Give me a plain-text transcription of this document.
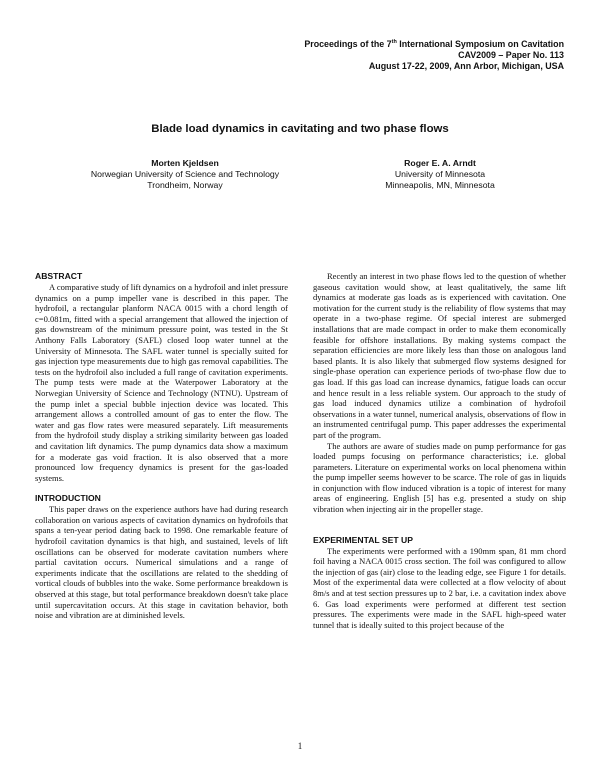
Proceedings of the 7th International Symposium on Cavitation
CAV2009 – Paper No. 113
August 17-22, 2009, Ann Arbor, Michigan, USA
Blade load dynamics in cavitating and two phase flows
Morten Kjeldsen
Norwegian University of Science and Technology
Trondheim, Norway
Roger E. A. Arndt
University of Minnesota
Minneapolis, MN, Minnesota
ABSTRACT

A comparative study of lift dynamics on a hydrofoil and inlet pressure dynamics on a pump impeller vane is described in this paper. The hydrofoil, a rectangular planform NACA 0015 with a chord length of c=0.081m, fitted with a special arrangement that allowed the injection of gas downstream of the minimum pressure point, was tested in the St Anthony Falls Laboratory (SAFL) closed loop water tunnel at the University of Minnesota. The SAFL water tunnel is specially suited for gas injection type measurements due to high gas removal capabilities. The tests on the hydrofoil also included a full range of cavitation experiments. The pump tests were made at the Waterpower Laboratory at the Norwegian University of Science and Technology (NTNU). Upstream of the pump inlet a special bubble injection device was located. This arrangement allows a controlled amount of gas to enter the flow. The water and gas flow rates were measured separately. Lift measurements from the hydrofoil study display a striking similarity between gas loaded and cavitation lift dynamics. The pump dynamics data show a maximum for a moderate gas void fraction. It is also observed that a more pronounced low frequency dynamics is present for the gas-loaded systems.

INTRODUCTION

This paper draws on the experience authors have had during research collaboration on various aspects of cavitation dynamics on hydrofoils that spans a ten-year period dating back to 1998. One remarkable feature of hydrofoil cavitation dynamics is that high, and sustained, levels of lift oscillations can be observed for moderate cavitation numbers where partial cavitation occurs. Numerical simulations and a range of experiments indicate that the oscillations are related to the shedding of vortical clouds of bubbles into the wake. Some performance breakdown is observed at this stage, but total performance breakdown doesn't take place until supercavitation occurs. At this stage in cavitation behavior, both noise and vibration are at diminished levels.

Recently an interest in two phase flows led to the question of whether gaseous cavitation would show, at least qualitatively, the same lift dynamics at moderate gas loads as is experienced with cavitation. One motivation for the current study is the reliability of flow systems that may operate in a two-phase regime. Of special interest are submerged installations that are made compact in order to make them economically feasible for offshore installations. By making systems compact the separation efficiencies are more likely less than those on analogous land based plants. It is also likely that submerged flow systems designed for single-phase operation can experience periods of two-phase flow due to gas load. If this gas load can increase dynamics, fatigue loads can occur and hence result in a less reliable system. Our approach to the study of gas load induced dynamics utilize a combination of hydrofoil observations in a water tunnel, numerical analysis, observations of flow in an instrumented centrifugal pump. This paper addresses the experimental part of the program.

The authors are aware of studies made on pump performance for gas loaded pumps focusing on performance characteristics; i.e. global parameters. Literature on experimental works on local phenomena within the pump impeller seems however to be scarce. The role of gas in liquids in conjunction with flow induced vibration is a topic of interest for many areas of engineering. English [5] has e.g. presented a study on ship vibration when injecting air in the propeller stage.

EXPERIMENTAL SET UP

The experiments were performed with a 190mm span, 81 mm chord foil having a NACA 0015 cross section. The foil was configured to allow the injection of gas (air) close to the leading edge, see Figure 1 for details. Most of the experimental data were collected at a flow velocity of about 8m/s and at test section pressures up to 2 bar, i.e. a cavitation index above 6. Gas load experiments were performed at different test section pressures. The experiments were made in the SAFL high-speed water tunnel that is ideally suited to this project because of the

1
